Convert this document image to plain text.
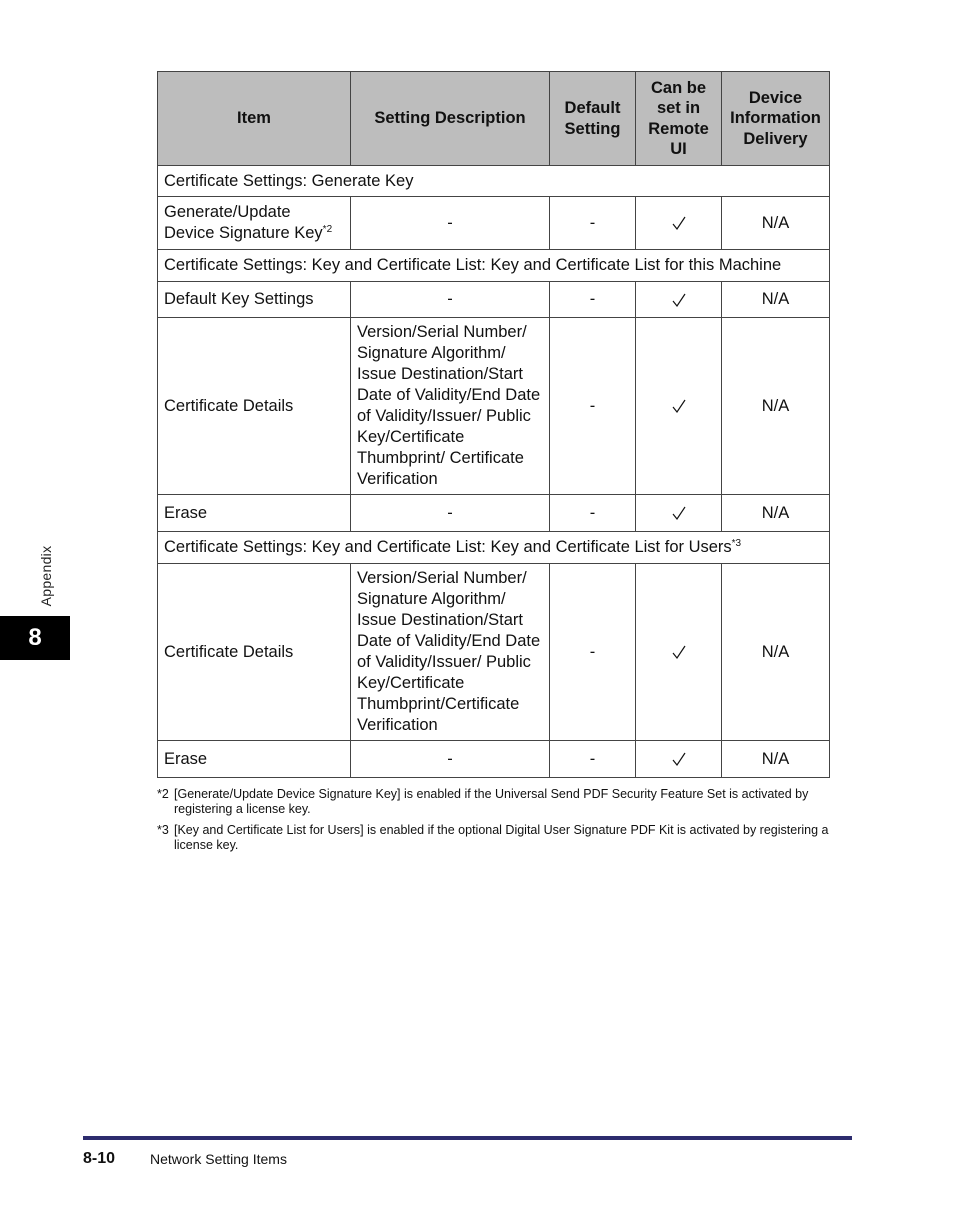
Item	Setting Description	Default Setting	Can be set in Remote UI	Device Information Delivery
Certificate Settings: Generate Key				
Generate/Update Device Signature Key$^{*2}$	-	-		N/A
Certificate Settings: Key and Certificate List: Key and Certificate List for this Machine				
Default Key Settings	-	-		N/A
Certificate Details	Version/Serial Number/ Signature Algorithm/ Issue Destination/Start Date of Validity/End Date of Validity/Issuer/ Public Key/Certificate Thumbprint/ Certificate Verification	-		N/A
Erase	-	-		N/A
Certificate Settings: Key and Certificate List: Key and Certificate List for Users$^{*3}$
Certificate Details	Version/Serial Number/ Signature Algorithm/ Issue Destination/Start Date of Validity/End Date of Validity/Issuer/ Public Key/Certificate Thumbprint/Certificate Verification	-		N/A
Erase	-	-		N/A
*2 [Generate/Update Device Signature Key] is enabled if the Universal Send PDF Security Feature Set is activated by registering a license key.
*3 [Key and Certificate List for Users] is enabled if the optional Digital User Signature PDF Kit is activated by registering a license key.
Appendix
8
8-10 Network Setting Items
